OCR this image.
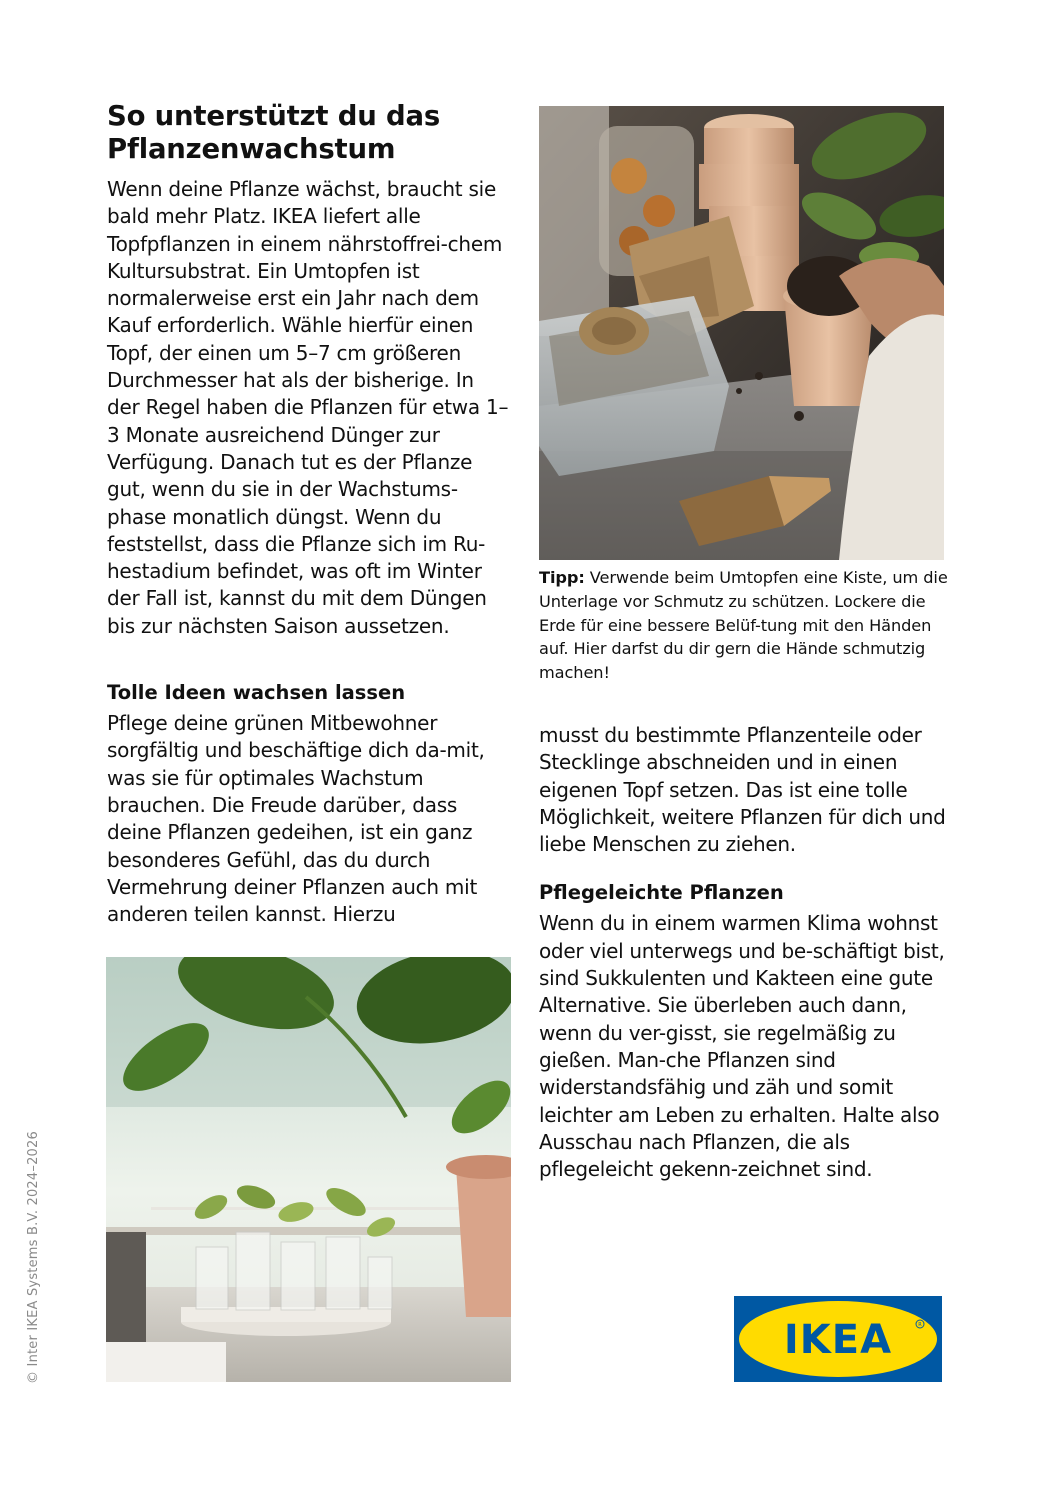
So unterstützt du das Pflanzenwachstum

Wenn deine Pflanze wächst, braucht sie bald mehr Platz. IKEA liefert alle Topfpflanzen in einem nährstoffrei-chem Kultursubstrat. Ein Umtopfen ist normalerweise erst ein Jahr nach dem Kauf erforderlich. Wähle hierfür einen Topf, der einen um 5–7 cm größeren Durchmesser hat als der bisherige. In der Regel haben die Pflanzen für etwa 1–3 Monate ausreichend Dünger zur Verfügung. Danach tut es der Pflanze gut, wenn du sie in der Wachstums-phase monatlich düngst. Wenn du feststellst, dass die Pflanze sich im Ru-hestadium befindet, was oft im Winter der Fall ist, kannst du mit dem Düngen bis zur nächsten Saison aussetzen.

Tolle Ideen wachsen lassen

Pflege deine grünen Mitbewohner sorgfältig und beschäftige dich da-mit, was sie für optimales Wachstum brauchen. Die Freude darüber, dass deine Pflanzen gedeihen, ist ein ganz besonderes Gefühl, das du durch Vermehrung deiner Pflanzen auch mit anderen teilen kannst. Hierzu

Tipp: Verwende beim Umtopfen eine Kiste, um die Unterlage vor Schmutz zu schützen. Lockere die Erde für eine bessere Belüf-tung mit den Händen auf. Hier darfst du dir gern die Hände schmutzig machen!

musst du bestimmte Pflanzenteile oder Stecklinge abschneiden und in einen eigenen Topf setzen. Das ist eine tolle Möglichkeit, weitere Pflanzen für dich und liebe Menschen zu ziehen.

Pflegeleichte Pflanzen

Wenn du in einem warmen Klima wohnst oder viel unterwegs und be-schäftigt bist, sind Sukkulenten und Kakteen eine gute Alternative. Sie überleben auch dann, wenn du ver-gisst, sie regelmäßig zu gießen. Man-che Pflanzen sind widerstandsfähig und zäh und somit leichter am Leben zu erhalten. Halte also Ausschau nach Pflanzen, die als pflegeleicht gekenn-zeichnet sind.

© Inter IKEA Systems B.V. 2024–2026	IKEA	R
